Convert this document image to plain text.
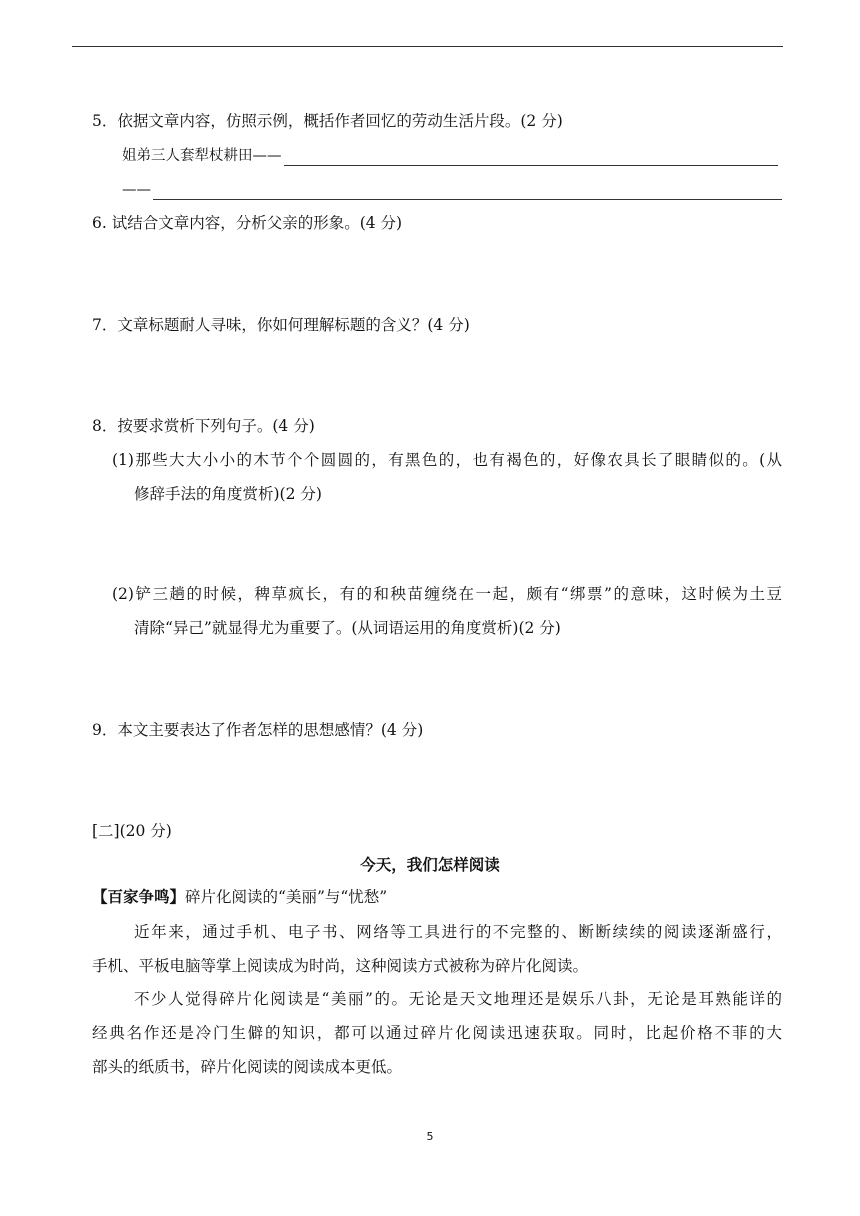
5．依据文章内容，仿照示例，概括作者回忆的劳动生活片段。(2 分)
姐弟三人套犁杖耕田——
——
6. 试结合文章内容，分析父亲的形象。(4 分)
7．文章标题耐人寻味，你如何理解标题的含义？(4 分)
8．按要求赏析下列句子。(4 分)
(1)那些大大小小的木节个个圆圆的，有黑色的，也有褐色的，好像农具长了眼睛似的。(从
修辞手法的角度赏析)(2 分)
(2)铲三趟的时候，稗草疯长，有的和秧苗缠绕在一起，颇有“绑票”的意味，这时候为土豆
清除“异己”就显得尤为重要了。(从词语运用的角度赏析)(2 分)
9．本文主要表达了作者怎样的思想感情？(4 分)
[二](20 分)
今天，我们怎样阅读
【百家争鸣】碎片化阅读的“美丽”与“忧愁”
近年来，通过手机、电子书、网络等工具进行的不完整的、断断续续的阅读逐渐盛行，
手机、平板电脑等掌上阅读成为时尚，这种阅读方式被称为碎片化阅读。
不少人觉得碎片化阅读是“美丽”的。无论是天文地理还是娱乐八卦，无论是耳熟能详的
经典名作还是冷门生僻的知识，都可以通过碎片化阅读迅速获取。同时，比起价格不菲的大
部头的纸质书，碎片化阅读的阅读成本更低。
5
